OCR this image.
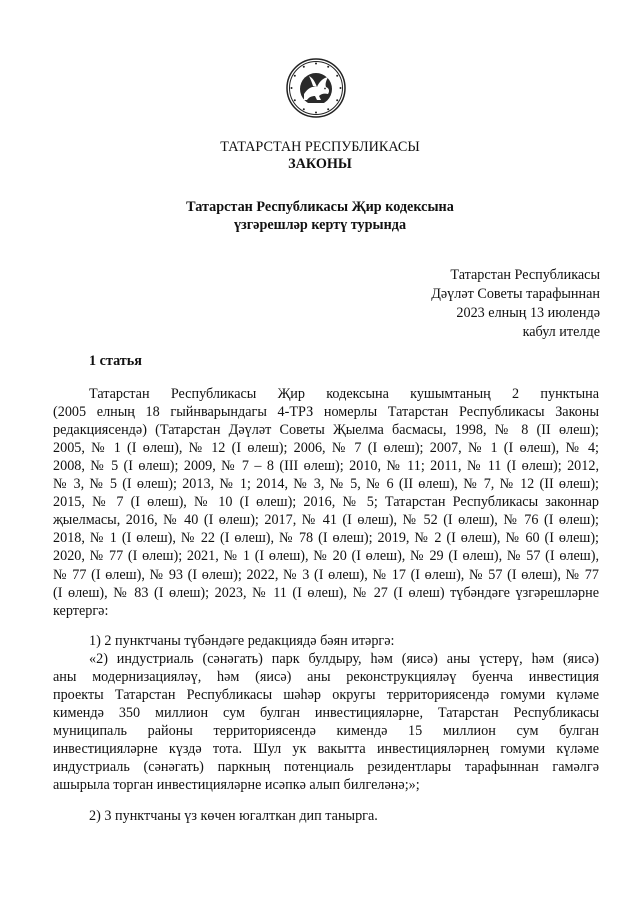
ТАТАРСТАН РЕСПУБЛИКАСЫ
ЗАКОНЫ
Татарстан Республикасы Җир кодексына
үзгәрешләр кертү турында
Татарстан Республикасы
Дәүләт Советы тарафыннан
2023 елның 13 июлендә
кабул ителде
1 статья
Татарстан Республикасы Җир кодексына кушымтаның 2 пунктына
(2005 елның 18 гыйнварындагы 4-ТРЗ номерлы Татарстан Республикасы Законы
редакциясендә) (Татарстан Дәүләт Советы Җыелма басмасы, 1998, № 8 (II өлеш);
2005, № 1 (I өлеш), № 12 (I өлеш); 2006, № 7 (I өлеш); 2007, № 1 (I өлеш), № 4;
2008, № 5 (I өлеш); 2009, № 7 – 8 (III өлеш); 2010, № 11; 2011, № 11 (I өлеш); 2012,
№ 3, № 5 (I өлеш); 2013, № 1; 2014, № 3, № 5, № 6 (II өлеш), № 7, № 12 (II өлеш);
2015, № 7 (I өлеш), № 10 (I өлеш); 2016, № 5; Татарстан Республикасы законнар
җыелмасы, 2016, № 40 (I өлеш); 2017, № 41 (I өлеш), № 52 (I өлеш), № 76 (I өлеш);
2018, № 1 (I өлеш), № 22 (I өлеш), № 78 (I өлеш); 2019, № 2 (I өлеш), № 60 (I өлеш);
2020, № 77 (I өлеш); 2021, № 1 (I өлеш), № 20 (I өлеш), № 29 (I өлеш), № 57 (I өлеш),
№ 77 (I өлеш), № 93 (I өлеш); 2022, № 3 (I өлеш), № 17 (I өлеш), № 57 (I өлеш), № 77
(I өлеш), № 83 (I өлеш); 2023, № 11 (I өлеш), № 27 (I өлеш) түбәндәге үзгәрешләрне
кертергә:
1) 2 пунктчаны түбәндәге редакциядә бәян итәргә:
«2) индустриаль (сәнәгать) парк булдыру, һәм (яисә) аны үстерү, һәм (яисә)
аны модернизацияләү, һәм (яисә) аны реконструкцияләү буенча инвестиция
проекты Татарстан Республикасы шәһәр округы территориясендә гомуми күләме
кимендә 350 миллион сум булган инвестицияләрне, Татарстан Республикасы
муниципаль районы территориясендә кимендә 15 миллион сум булган
инвестицияләрне күздә тота. Шул ук вакытта инвестицияләрнең гомуми күләме
индустриаль (сәнәгать) паркның потенциаль резидентлары тарафыннан гамәлгә
ашырыла торган инвестицияләрне исәпкә алып билгеләнә;»;
2) 3 пунктчаны үз көчен югалткан дип танырга.
